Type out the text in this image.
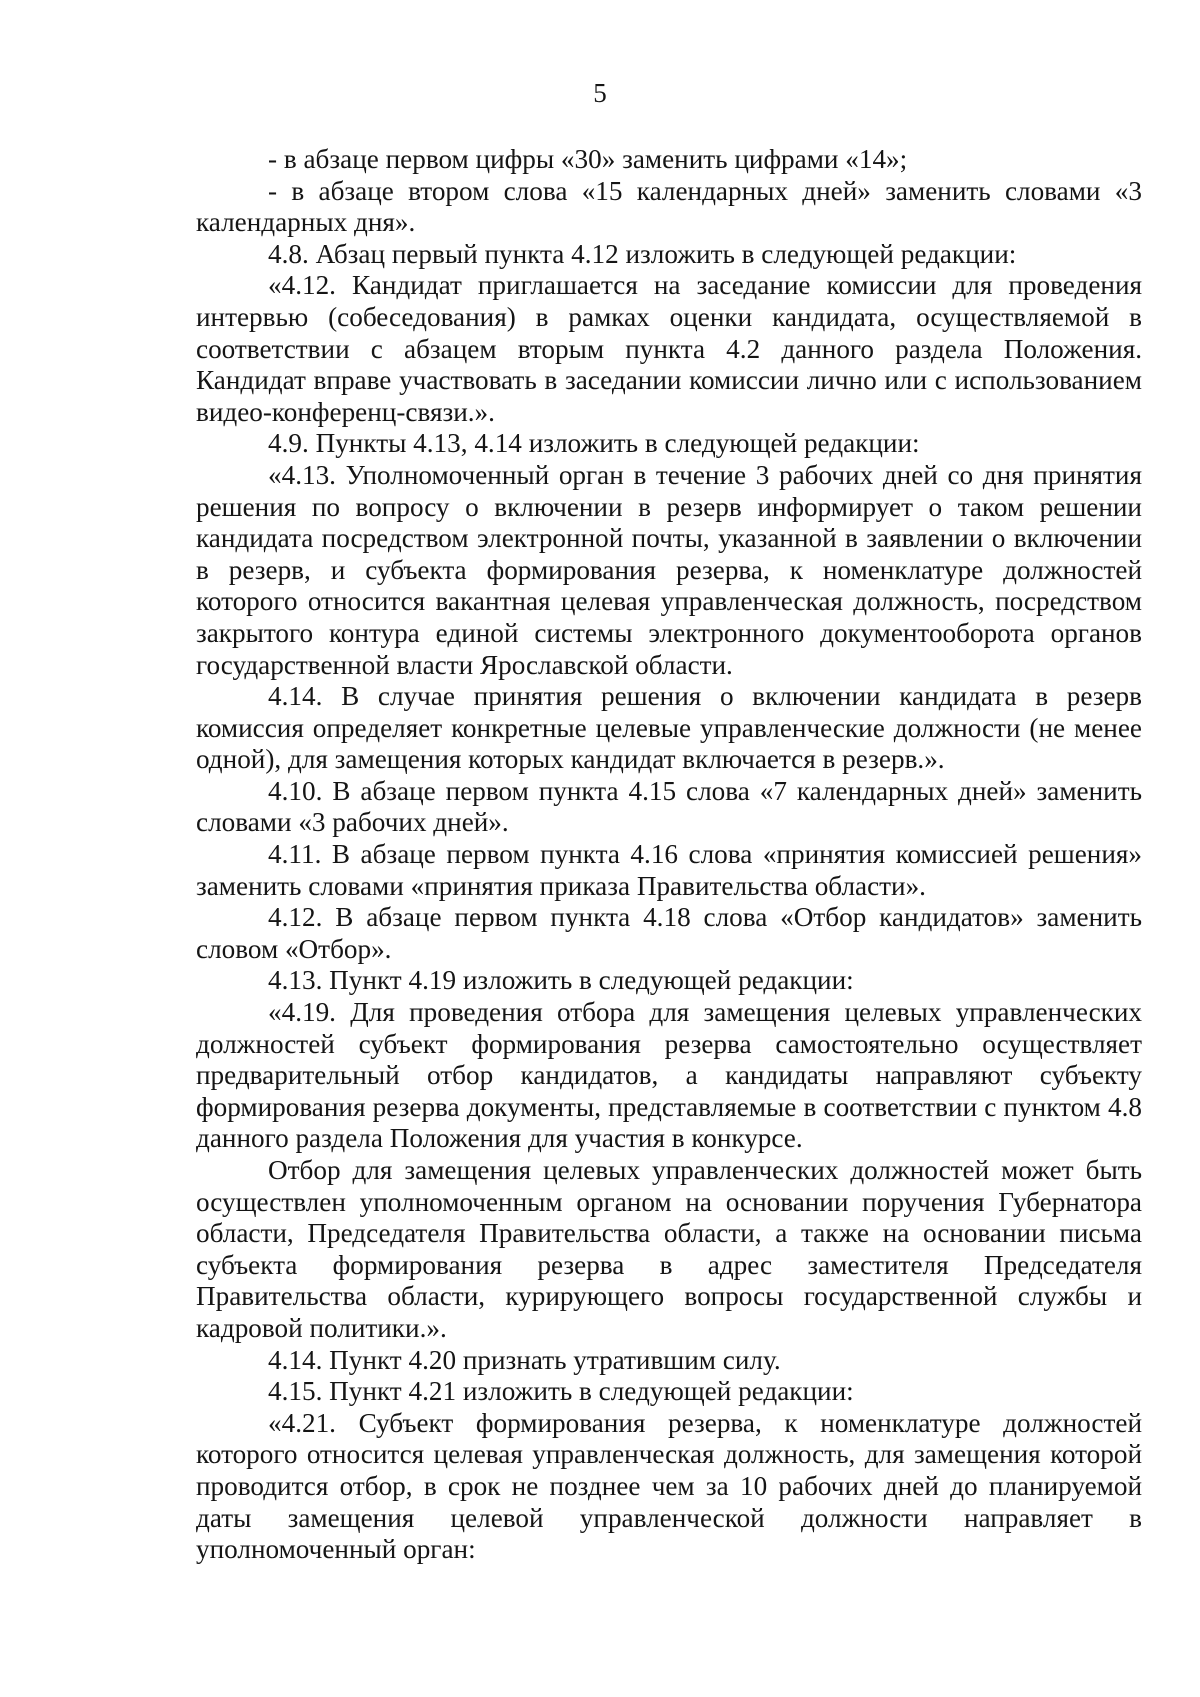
5

- в абзаце первом цифры «30» заменить цифрами «14»;

- в абзаце втором слова «15 календарных дней» заменить словами «3 календарных дня».

4.8. Абзац первый пункта 4.12 изложить в следующей редакции:

«4.12. Кандидат приглашается на заседание комиссии для проведения интервью (собеседования) в рамках оценки кандидата, осуществляемой в соответствии с абзацем вторым пункта 4.2 данного раздела Положения. Кандидат вправе участвовать в заседании комиссии лично или с использованием видео-конференц-связи.».

4.9. Пункты 4.13, 4.14 изложить в следующей редакции:

«4.13. Уполномоченный орган в течение 3 рабочих дней со дня принятия решения по вопросу о включении в резерв информирует о таком решении кандидата посредством электронной почты, указанной в заявлении о включении в резерв, и субъекта формирования резерва, к номенклатуре должностей которого относится вакантная целевая управленческая должность, посредством закрытого контура единой системы электронного документооборота органов государственной власти Ярославской области.

4.14. В случае принятия решения о включении кандидата в резерв комиссия определяет конкретные целевые управленческие должности (не менее одной), для замещения которых кандидат включается в резерв.».

4.10. В абзаце первом пункта 4.15 слова «7 календарных дней» заменить словами «3 рабочих дней».

4.11. В абзаце первом пункта 4.16 слова «принятия комиссией решения» заменить словами «принятия приказа Правительства области».

4.12. В абзаце первом пункта 4.18 слова «Отбор кандидатов» заменить словом «Отбор».

4.13. Пункт 4.19 изложить в следующей редакции:

«4.19. Для проведения отбора для замещения целевых управленческих должностей субъект формирования резерва самостоятельно осуществляет предварительный отбор кандидатов, а кандидаты направляют субъекту формирования резерва документы, представляемые в соответствии с пунктом 4.8 данного раздела Положения для участия в конкурсе.

Отбор для замещения целевых управленческих должностей может быть осуществлен уполномоченным органом на основании поручения Губернатора области, Председателя Правительства области, а также на основании письма субъекта формирования резерва в адрес заместителя Председателя Правительства области, курирующего вопросы государственной службы и кадровой политики.».

4.14. Пункт 4.20 признать утратившим силу.

4.15. Пункт 4.21 изложить в следующей редакции:

«4.21. Субъект формирования резерва, к номенклатуре должностей которого относится целевая управленческая должность, для замещения которой проводится отбор, в срок не позднее чем за 10 рабочих дней до планируемой даты замещения целевой управленческой должности направляет в уполномоченный орган:
